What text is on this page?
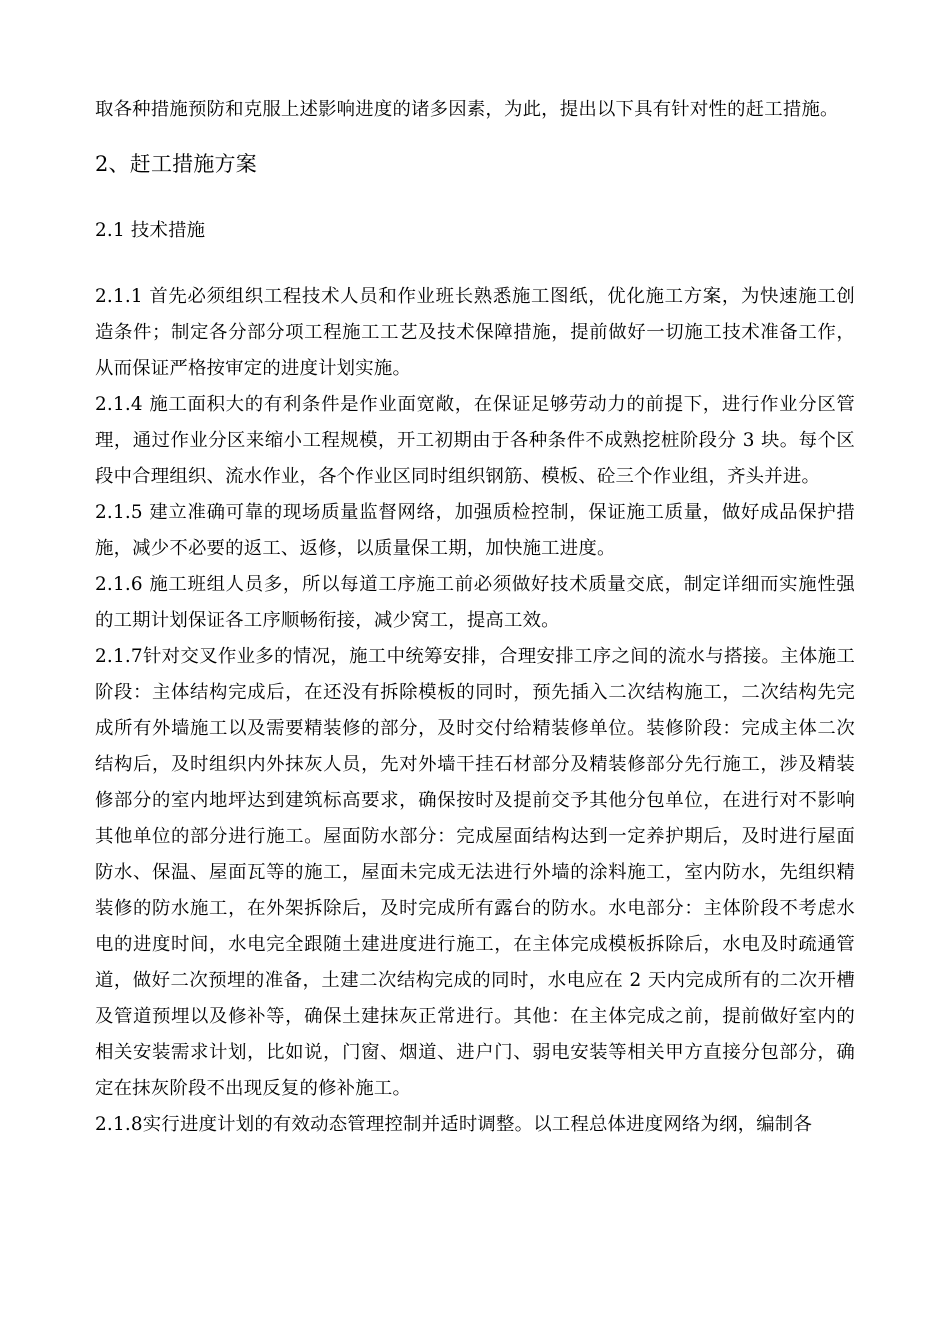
取各种措施预防和克服上述影响进度的诸多因素，为此，提出以下具有针对性的赶工措施。

2、赶工措施方案

2.1 技术措施

2.1.1 首先必须组织工程技术人员和作业班长熟悉施工图纸，优化施工方案，为快速施工创造条件；制定各分部分项工程施工工艺及技术保障措施，提前做好一切施工技术准备工作，从而保证严格按审定的进度计划实施。

2.1.4 施工面积大的有利条件是作业面宽敞，在保证足够劳动力的前提下，进行作业分区管理，通过作业分区来缩小工程规模，开工初期由于各种条件不成熟挖桩阶段分 3 块。每个区段中合理组织、流水作业，各个作业区同时组织钢筋、模板、砼三个作业组，齐头并进。

2.1.5 建立准确可靠的现场质量监督网络，加强质检控制，保证施工质量，做好成品保护措施，减少不必要的返工、返修，以质量保工期，加快施工进度。

2.1.6 施工班组人员多，所以每道工序施工前必须做好技术质量交底，制定详细而实施性强的工期计划保证各工序顺畅衔接，减少窝工，提高工效。

2.1.7针对交叉作业多的情况，施工中统筹安排，合理安排工序之间的流水与搭接。主体施工阶段：主体结构完成后，在还没有拆除模板的同时，预先插入二次结构施工，二次结构先完成所有外墙施工以及需要精装修的部分，及时交付给精装修单位。装修阶段：完成主体二次结构后，及时组织内外抹灰人员，先对外墙干挂石材部分及精装修部分先行施工，涉及精装修部分的室内地坪达到建筑标高要求，确保按时及提前交予其他分包单位，在进行对不影响其他单位的部分进行施工。屋面防水部分：完成屋面结构达到一定养护期后，及时进行屋面防水、保温、屋面瓦等的施工，屋面未完成无法进行外墙的涂料施工，室内防水，先组织精装修的防水施工，在外架拆除后，及时完成所有露台的防水。水电部分：主体阶段不考虑水电的进度时间，水电完全跟随土建进度进行施工，在主体完成模板拆除后，水电及时疏通管道，做好二次预埋的准备，土建二次结构完成的同时，水电应在 2 天内完成所有的二次开槽及管道预埋以及修补等，确保土建抹灰正常进行。其他：在主体完成之前，提前做好室内的相关安装需求计划，比如说，门窗、烟道、进户门、弱电安装等相关甲方直接分包部分，确定在抹灰阶段不出现反复的修补施工。

2.1.8实行进度计划的有效动态管理控制并适时调整。以工程总体进度网络为纲，编制各
